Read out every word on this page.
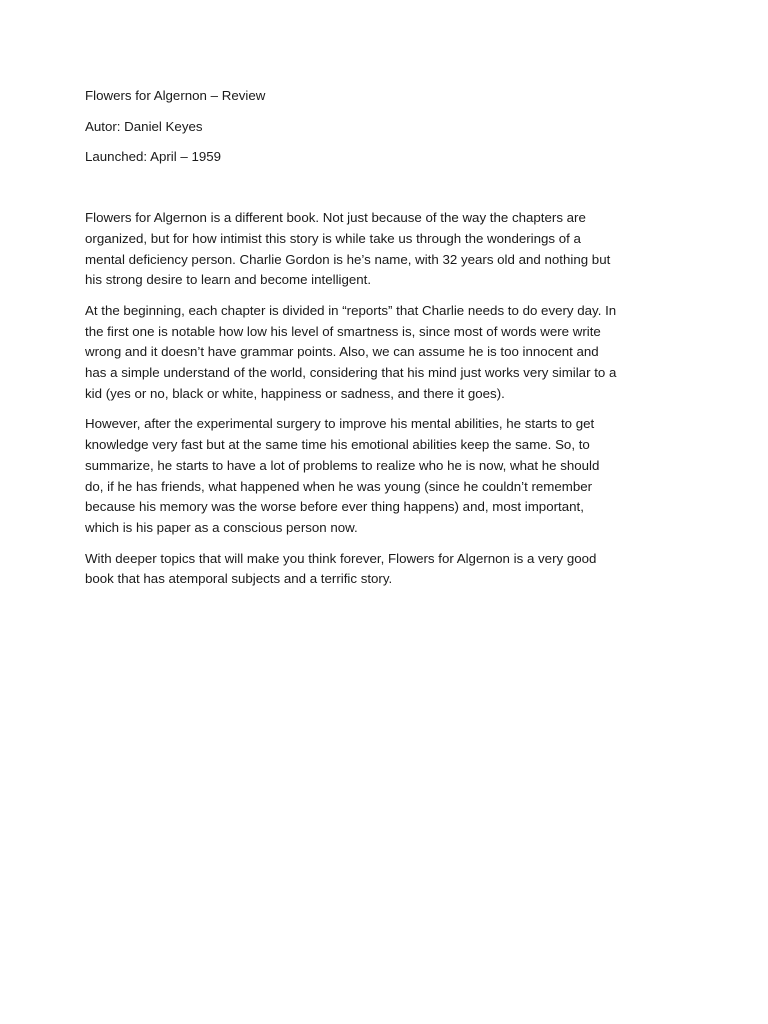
Flowers for Algernon – Review

Autor: Daniel Keyes

Launched: April – 1959

Flowers for Algernon is a different book. Not just because of the way the chapters are organized, but for how intimist this story is while take us through the wonderings of a mental deficiency person. Charlie Gordon is he’s name, with 32 years old and nothing but his strong desire to learn and become intelligent.

At the beginning, each chapter is divided in “reports” that Charlie needs to do every day. In the first one is notable how low his level of smartness is, since most of words were write wrong and it doesn’t have grammar points. Also, we can assume he is too innocent and has a simple understand of the world, considering that his mind just works very similar to a kid (yes or no, black or white, happiness or sadness, and there it goes).

However, after the experimental surgery to improve his mental abilities, he starts to get knowledge very fast but at the same time his emotional abilities keep the same. So, to summarize, he starts to have a lot of problems to realize who he is now, what he should do, if he has friends, what happened when he was young (since he couldn’t remember because his memory was the worse before ever thing happens) and, most important, which is his paper as a conscious person now.

With deeper topics that will make you think forever, Flowers for Algernon is a very good book that has atemporal subjects and a terrific story.
